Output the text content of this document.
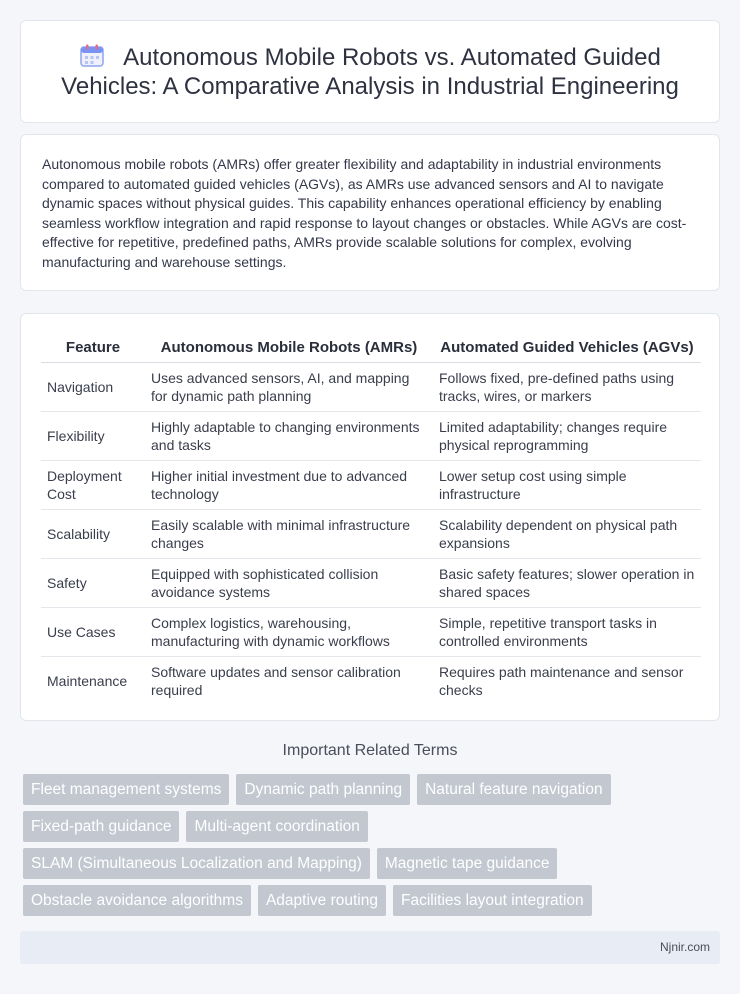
Autonomous Mobile Robots vs. Automated Guided Vehicles: A Comparative Analysis in Industrial Engineering

Autonomous mobile robots (AMRs) offer greater flexibility and adaptability in industrial environments compared to automated guided vehicles (AGVs), as AMRs use advanced sensors and AI to navigate dynamic spaces without physical guides. This capability enhances operational efficiency by enabling seamless workflow integration and rapid response to layout changes or obstacles. While AGVs are cost-effective for repetitive, predefined paths, AMRs provide scalable solutions for complex, evolving manufacturing and warehouse settings.

Feature	Autonomous Mobile Robots (AMRs)	Automated Guided Vehicles (AGVs)
Navigation	Uses advanced sensors, AI, and mapping for dynamic path planning	Follows fixed, pre-defined paths using tracks, wires, or markers
Flexibility	Highly adaptable to changing environments and tasks	Limited adaptability; changes require physical reprogramming
Deployment Cost	Higher initial investment due to advanced technology	Lower setup cost using simple infrastructure
Scalability	Easily scalable with minimal infrastructure changes	Scalability dependent on physical path expansions
Safety	Equipped with sophisticated collision avoidance systems	Basic safety features; slower operation in shared spaces
Use Cases	Complex logistics, warehousing, manufacturing with dynamic workflows	Simple, repetitive transport tasks in controlled environments
Maintenance	Software updates and sensor calibration required	Requires path maintenance and sensor checks
Important Related Terms
Fleet management systems	Dynamic path planning	Natural feature navigation
Fixed-path guidance	Multi-agent coordination
SLAM (Simultaneous Localization and Mapping)	Magnetic tape guidance
Obstacle avoidance algorithms	Adaptive routing	Facilities layout integration
Njnir.com
